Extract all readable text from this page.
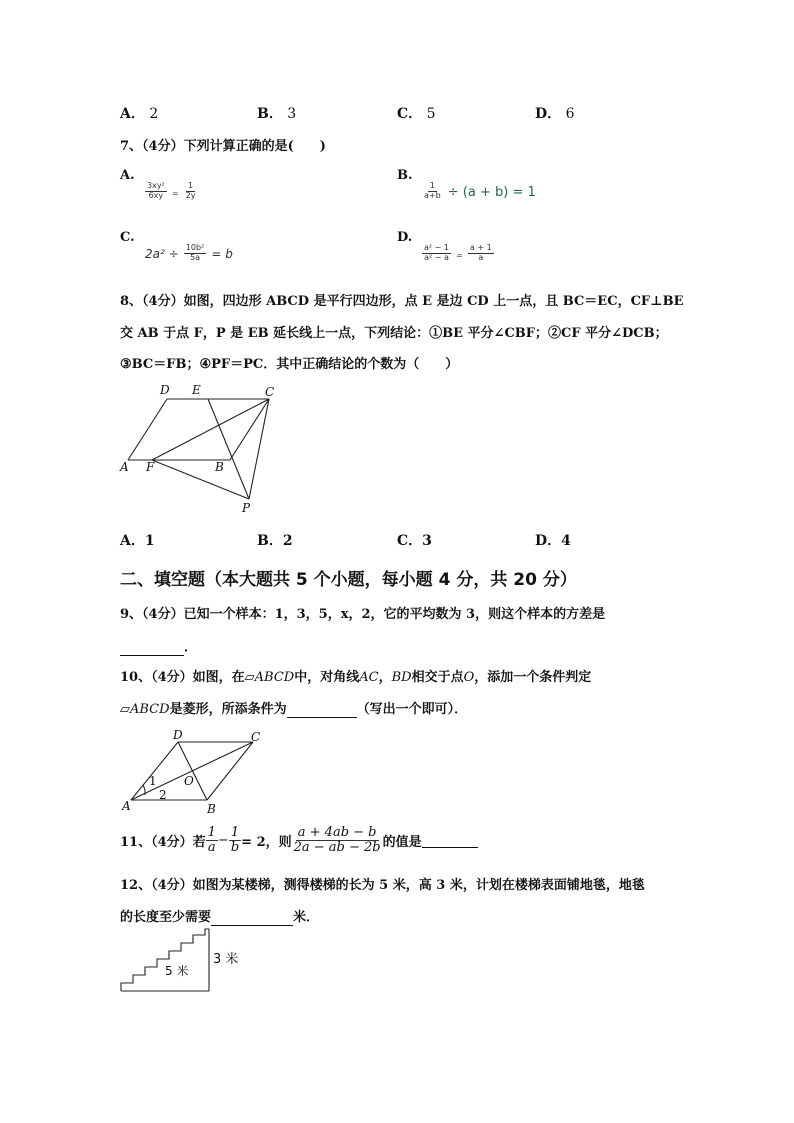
A． 2	B． 3	C． 5	D． 6
7、（4分）下列计算正确的是(　　)
A.
$\frac{\text{3xy²}}{6xy} = \frac{1}{2y}$
B.
$\frac{1}{a+b} \div (a + b) = 1$
C.
$2a^2 \div \frac{\text{10b²}}{5a} = b$
D.
$\frac{\text{a² − 1}}{\text{a² − a}} = \frac{a + 1}{a}$
8、（4分）如图，四边形 ABCD 是平行四边形，点 E 是边 CD 上一点，且 BC＝EC，CF⊥BE
交 AB 于点 F，P 是 EB 延长线上一点，下列结论：①BE 平分∠CBF；②CF 平分∠DCB；
③BC＝FB；④PF＝PC．其中正确结论的个数为（　　）
D E	C
A F	B
P
A．1	B．2	C．3	D．4
二、填空题（本大题共 5 个小题，每小题 4 分，共 20 分）
9、（4分）已知一个样本：1，3，5，x，2，它的平均数为 3，则这个样本的方差是
．
10、（4分）如图，在▱ABCD中，对角线AC，BD相交于点O，添加一个条件判定
▱ABCD是菱形，所添条件为	（写出一个即可）．
D	C
A	B
O
1
2
11、（4分）若 $\frac{1}{a} - \frac{1}{b} = 2$，则 $\frac{a + 4ab - b}{2a - ab - 2b}$ 的值是
12、（4分）如图为某楼梯，测得楼梯的长为 5 米，高 3 米，计划在楼梯表面铺地毯，地毯
的长度至少需要	米．
5 米
3 米
